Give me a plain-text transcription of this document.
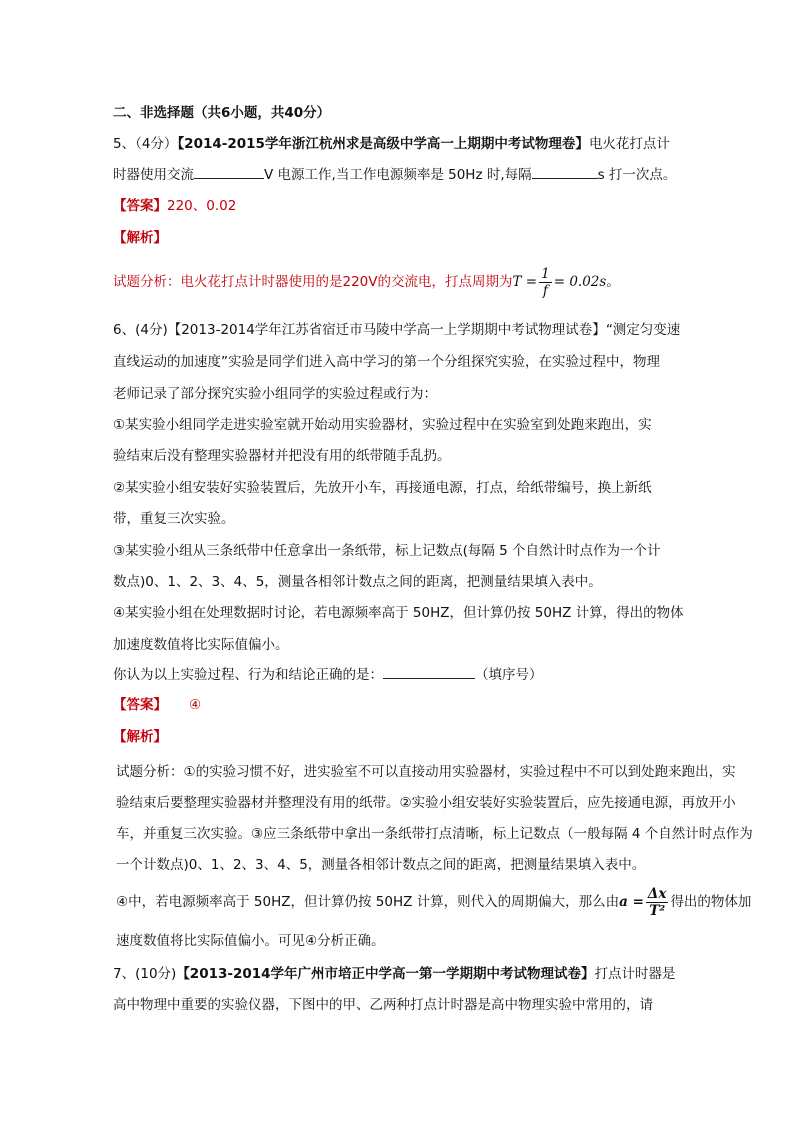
二、非选择题（共6小题，共40分）
5、（4分）【2014-2015学年浙江杭州求是高级中学高一上期期中考试物理卷】电火花打点计
时器使用交流	V 电源工作,当工作电源频率是 50Hz 时,每隔	s 打一次点。
【答案】220、0.02
【解析】
试题分析：电火花打点计时器使用的是220V的交流电，打点周期为$T = \frac{1}{f} = 0.02s$。
6、(4分)【2013-2014学年江苏省宿迁市马陵中学高一上学期期中考试物理试卷】“测定匀变速
直线运动的加速度”实验是同学们进入高中学习的第一个分组探究实验，在实验过程中，物理
老师记录了部分探究实验小组同学的实验过程或行为：
①某实验小组同学走进实验室就开始动用实验器材，实验过程中在实验室到处跑来跑出，实
验结束后没有整理实验器材并把没有用的纸带随手乱扔。
②某实验小组安装好实验装置后，先放开小车，再接通电源，打点，给纸带编号，换上新纸
带，重复三次实验。
③某实验小组从三条纸带中任意拿出一条纸带，标上记数点(每隔 5 个自然计时点作为一个计
数点)0、1、2、3、4、5，测量各相邻计数点之间的距离，把测量结果填入表中。
④某实验小组在处理数据时讨论，若电源频率高于 50HZ，但计算仍按 50HZ 计算，得出的物体
加速度数值将比实际值偏小。
你认为以上实验过程、行为和结论正确的是：	（填序号）
【答案】 ④
【解析】
试题分析：①的实验习惯不好，进实验室不可以直接动用实验器材，实验过程中不可以到处跑来跑出，实
验结束后要整理实验器材并整理没有用的纸带。②实验小组安装好实验装置后，应先接通电源，再放开小
车，并重复三次实验。③应三条纸带中拿出一条纸带打点清晰，标上记数点（一般每隔 4 个自然计时点作为
一个计数点)0、1、2、3、4、5，测量各相邻计数点之间的距离，把测量结果填入表中。
④中，若电源频率高于 50HZ，但计算仍按 50HZ 计算，则代入的周期偏大，那么由$a = \frac{\Delta x}{\text{T²}}$ 得出的物体加
速度数值将比实际值偏小。可见④分析正确。
7、(10分)【2013-2014学年广州市培正中学高一第一学期期中考试物理试卷】打点计时器是
高中物理中重要的实验仪器，下图中的甲、乙两种打点计时器是高中物理实验中常用的，请
